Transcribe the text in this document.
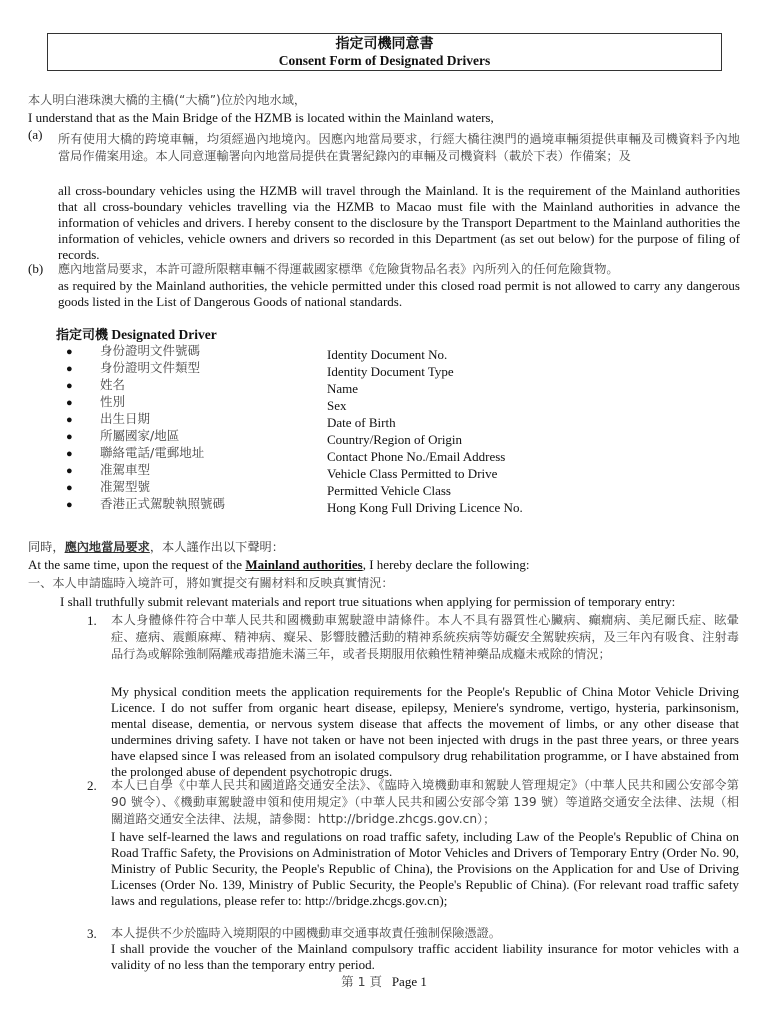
指定司機同意書
Consent Form of Designated Drivers
本人明白港珠澳大橋的主橋(“大橋”)位於內地水域，
I understand that as the Main Bridge of the HZMB is located within the Mainland waters,
(a) 所有使用大橋的跨境車輛，均須經過內地境內。因應內地當局要求，行經大橋往澳門的過境車輛須提供車輛及司機資料予內地當局作備案用途。本人同意運輸署向內地當局提供在貴署紀錄內的車輛及司機資料（載於下表）作備案；及
all cross-boundary vehicles using the HZMB will travel through the Mainland. It is the requirement of the Mainland authorities that all cross-boundary vehicles travelling via the HZMB to Macao must file with the Mainland authorities in advance the information of vehicles and drivers. I hereby consent to the disclosure by the Transport Department to the Mainland authorities the information of vehicles, vehicle owners and drivers so recorded in this Department (as set out below) for the purpose of filing of records.
(b) 應內地當局要求，本許可證所限轄車輛不得運載國家標準《危險貨物品名表》內所列入的任何危險貨物。
as required by the Mainland authorities, the vehicle permitted under this closed road permit is not allowed to carry any dangerous goods listed in the List of Dangerous Goods of national standards.
指定司機 Designated Driver
● 身份證明文件號碼	Identity Document No.
● 身份證明文件類型	Identity Document Type
● 姓名	Name
● 性別	Sex
● 出生日期	Date of Birth
● 所屬國家/地區	Country/Region of Origin
● 聯絡電話/電郵地址	Contact Phone No./Email Address
● 准駕車型	Vehicle Class Permitted to Drive
● 准駕型號	Permitted Vehicle Class
● 香港正式駕駛執照號碼	Hong Kong Full Driving Licence No.
同時，應內地當局要求，本人謹作出以下聲明：
At the same time, upon the request of the Mainland authorities, I hereby declare the following:
一、本人申請臨時入境許可，將如實提交有關材料和反映真實情況：
I shall truthfully submit relevant materials and report true situations when applying for permission of temporary entry:
1. 本人身體條件符合中華人民共和國機動車駕駛證申請條件。本人不具有器質性心臟病、癲癇病、美尼爾氏症、眩暈症、癔病、震顫麻痺、精神病、癡呆、影響肢體活動的精神系統疾病等妨礙安全駕駛疾病，及三年內有吸食、注射毒品行為或解除強制隔離戒毒措施未滿三年，或者長期服用依賴性精神藥品成癮未戒除的情況；
My physical condition meets the application requirements for the People's Republic of China Motor Vehicle Driving Licence. I do not suffer from organic heart disease, epilepsy, Meniere's syndrome, vertigo, hysteria, parkinsonism, mental disease, dementia, or nervous system disease that affects the movement of limbs, or any other disease that undermines driving safety. I have not taken or have not been injected with drugs in the past three years, or three years have elapsed since I was released from an isolated compulsory drug rehabilitation programme, or I have abstained from the prolonged abuse of dependent psychotropic drugs.
2. 本人已自學《中華人民共和國道路交通安全法》、《臨時入境機動車和駕駛人管理規定》（中華人民共和國公安部令第 90 號令）、《機動車駕駛證申領和使用規定》（中華人民共和國公安部令第 139 號）等道路交通安全法律、法規（相關道路交通安全法律、法規，請參閱：http://bridge.zhcgs.gov.cn）；
I have self-learned the laws and regulations on road traffic safety, including Law of the People's Republic of China on Road Traffic Safety, the Provisions on Administration of Motor Vehicles and Drivers of Temporary Entry (Order No. 90, Ministry of Public Security, the People's Republic of China), the Provisions on the Application for and Use of Driving Licenses (Order No. 139, Ministry of Public Security, the People's Republic of China). (For relevant road traffic safety laws and regulations, please refer to: http://bridge.zhcgs.gov.cn);
3. 本人提供不少於臨時入境期限的中國機動車交通事故責任強制保險憑證。
I shall provide the voucher of the Mainland compulsory traffic accident liability insurance for motor vehicles with a validity of no less than the temporary entry period.
第 1 頁 Page 1
